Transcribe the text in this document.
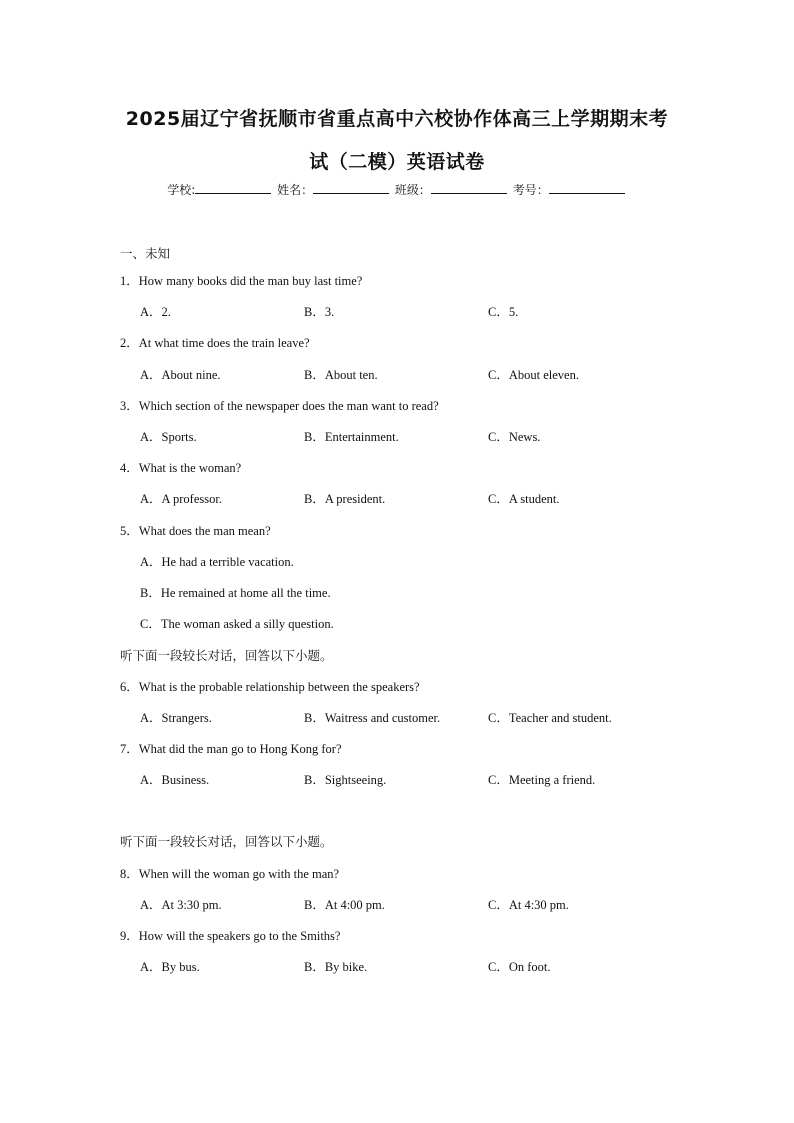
2025届辽宁省抚顺市省重点高中六校协作体高三上学期期末考
试（二模）英语试卷
学校:	姓名：	班级：	考号：
一、未知
1．How many books did the man buy last time?
A．2.	B．3.	C．5.
2．At what time does the train leave?
A．About nine.	B．About ten.	C．About eleven.
3．Which section of the newspaper does the man want to read?
A．Sports.	B．Entertainment.	C．News.
4．What is the woman?
A．A professor.	B．A president.	C．A student.
5．What does the man mean?
A．He had a terrible vacation.
B．He remained at home all the time.
C．The woman asked a silly question.
听下面一段较长对话，回答以下小题。
6．What is the probable relationship between the speakers?
A．Strangers.	B．Waitress and customer.	C．Teacher and student.
7．What did the man go to Hong Kong for?
A．Business.	B．Sightseeing.	C．Meeting a friend.
听下面一段较长对话，回答以下小题。
8．When will the woman go with the man?
A．At 3:30 pm.	B．At 4:00 pm.	C．At 4:30 pm.
9．How will the speakers go to the Smiths?
A．By bus.	B．By bike.	C．On foot.
